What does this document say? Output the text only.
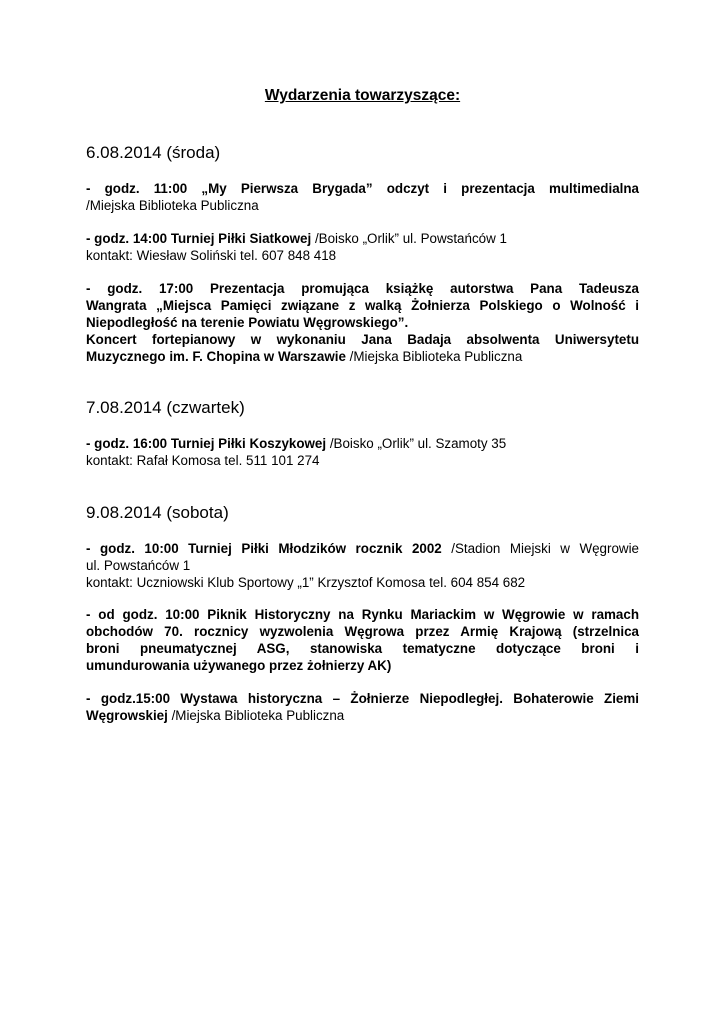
Wydarzenia towarzyszące:
6.08.2014 (środa)
- godz. 11:00 „My Pierwsza Brygada” odczyt i prezentacja multimedialna
/Miejska Biblioteka Publiczna
- godz. 14:00 Turniej Piłki Siatkowej /Boisko „Orlik” ul. Powstańców 1
kontakt: Wiesław Soliński tel. 607 848 418
- godz. 17:00 Prezentacja promująca książkę autorstwa Pana Tadeusza
Wangrata „Miejsca Pamięci związane z walką Żołnierza Polskiego o Wolność i
Niepodległość na terenie Powiatu Węgrowskiego”.
Koncert fortepianowy w wykonaniu Jana Badaja absolwenta Uniwersytetu
Muzycznego im. F. Chopina w Warszawie /Miejska Biblioteka Publiczna
7.08.2014 (czwartek)
- godz. 16:00 Turniej Piłki Koszykowej /Boisko „Orlik” ul. Szamoty 35
kontakt: Rafał Komosa tel. 511 101 274
9.08.2014 (sobota)
- godz. 10:00 Turniej Piłki Młodzików rocznik 2002 /Stadion Miejski w Węgrowie
ul. Powstańców 1
kontakt: Uczniowski Klub Sportowy „1” Krzysztof Komosa tel. 604 854 682
- od godz. 10:00 Piknik Historyczny na Rynku Mariackim w Węgrowie w ramach
obchodów 70. rocznicy wyzwolenia Węgrowa przez Armię Krajową (strzelnica
broni pneumatycznej ASG, stanowiska tematyczne dotyczące broni i
umundurowania używanego przez żołnierzy AK)
- godz.15:00 Wystawa historyczna – Żołnierze Niepodległej. Bohaterowie Ziemi
Węgrowskiej /Miejska Biblioteka Publiczna
